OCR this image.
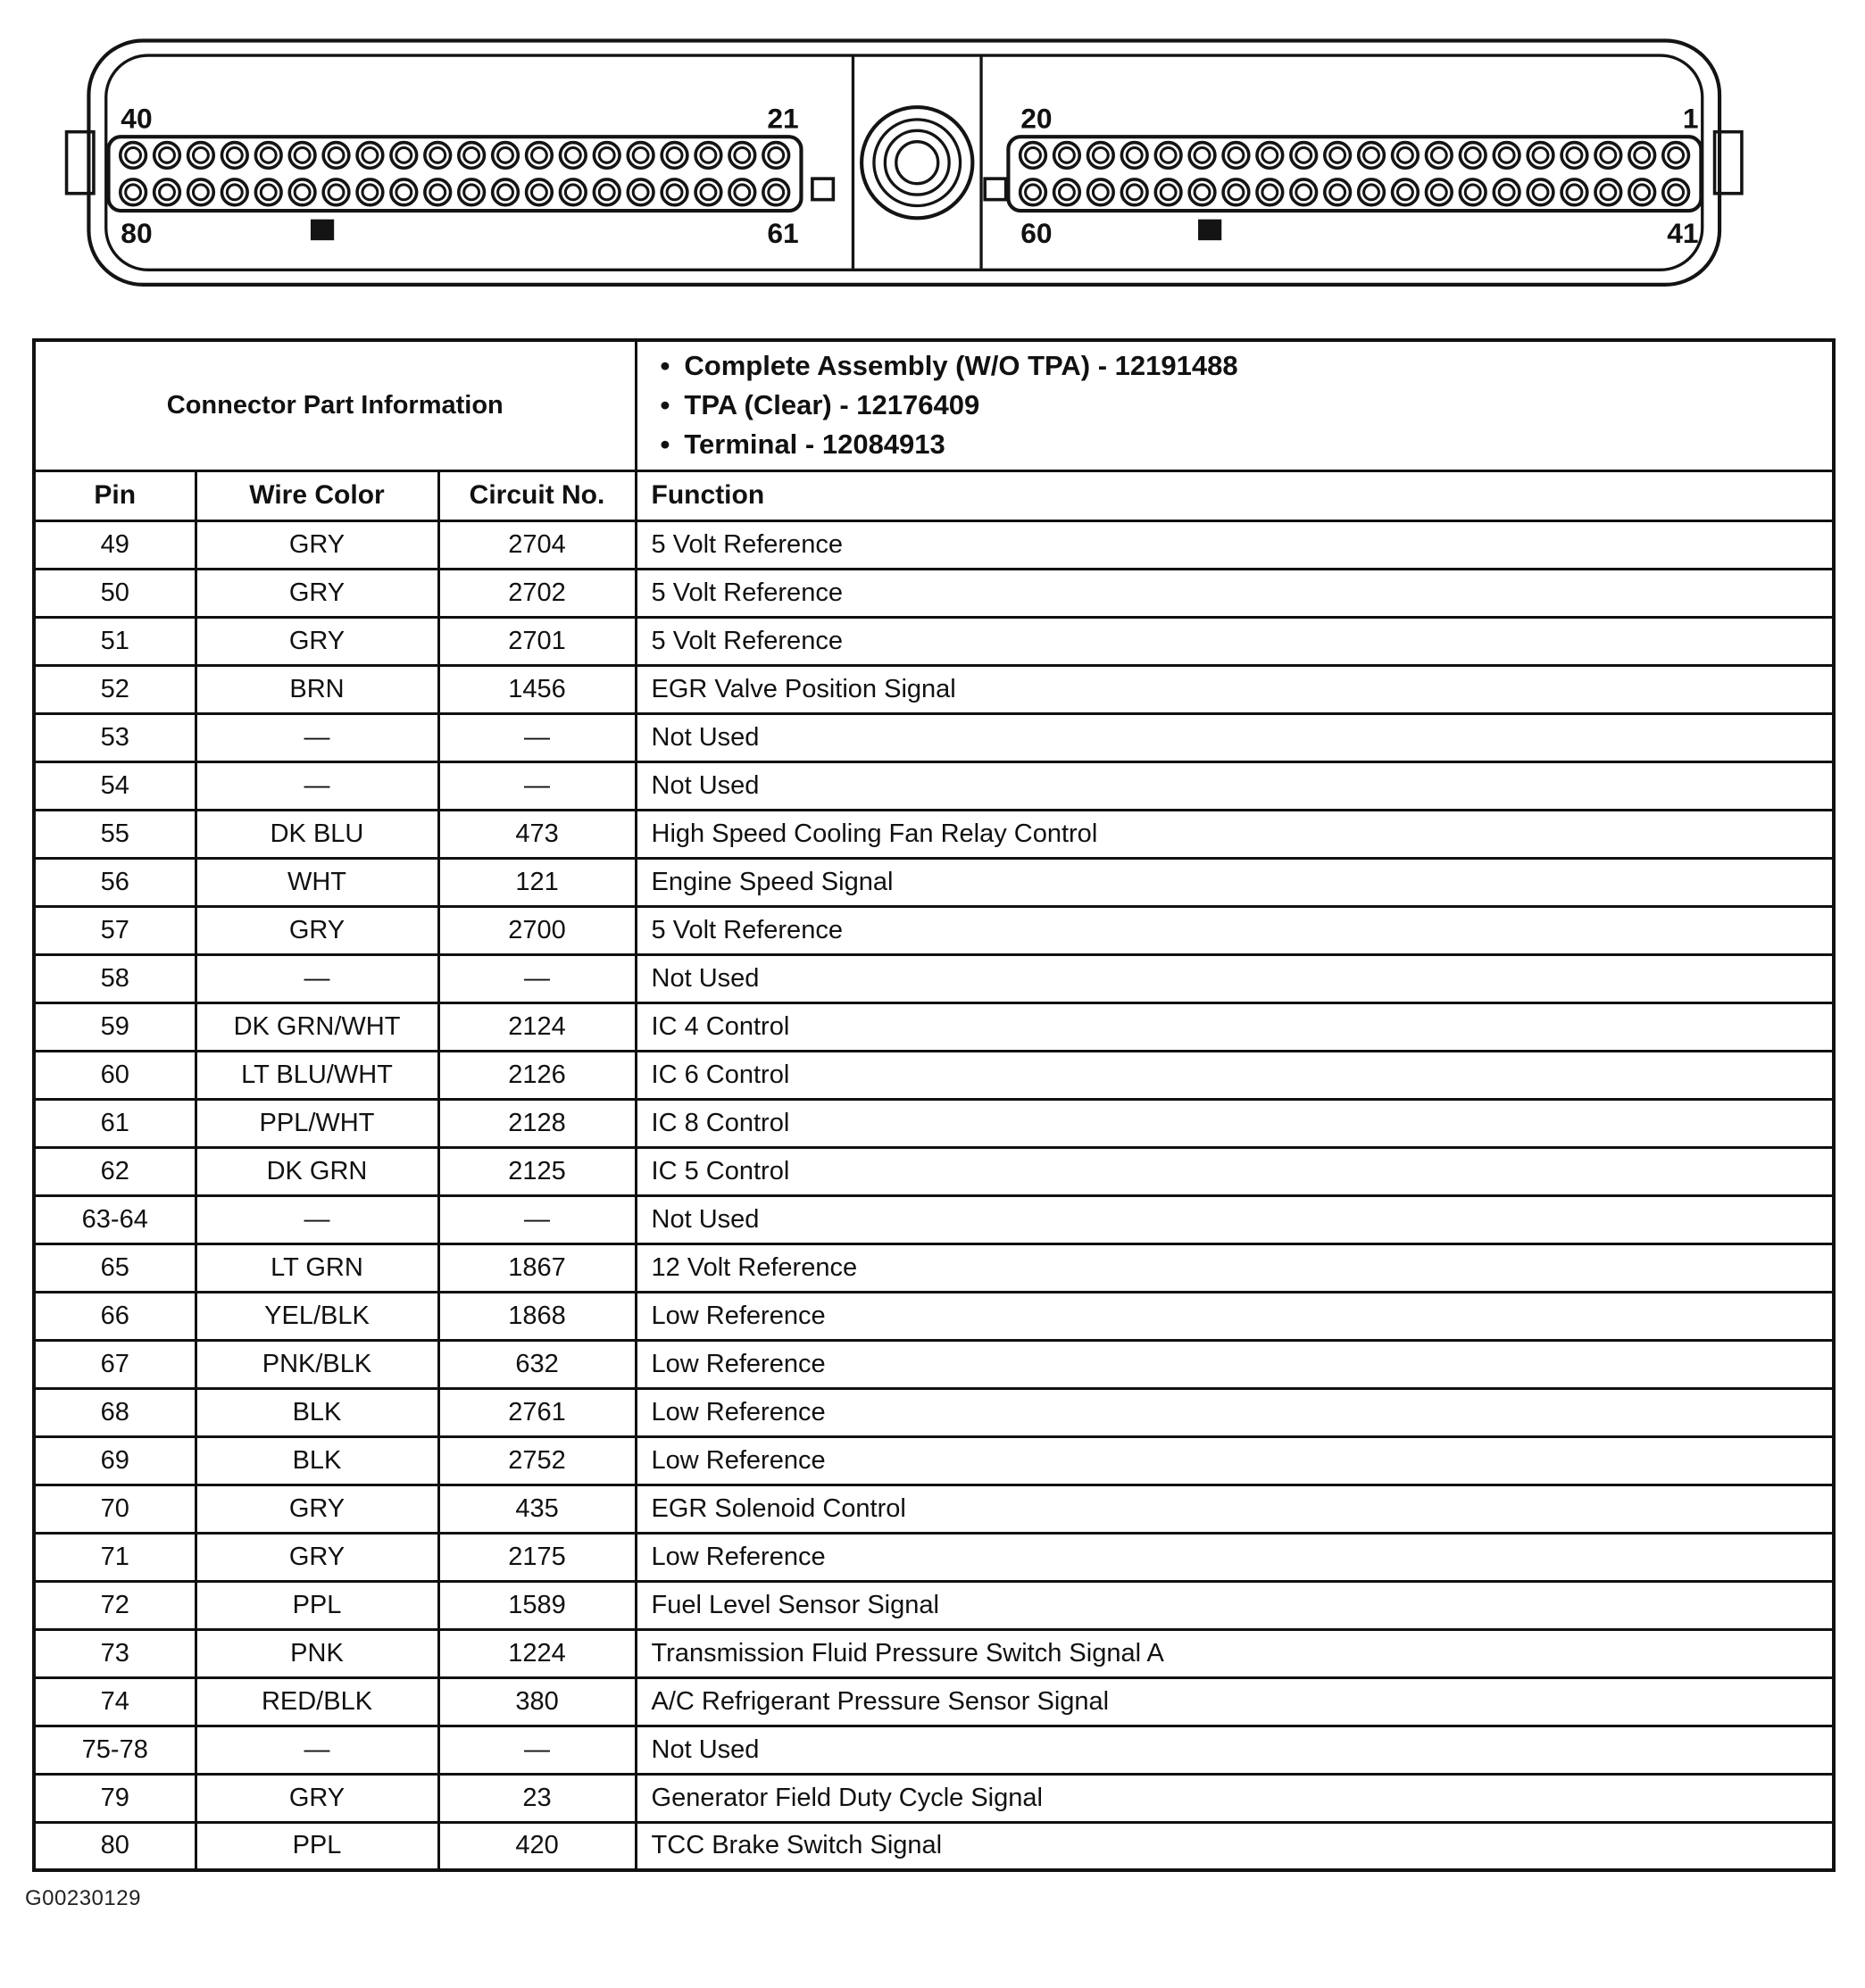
40	21	20	1
80	61	60	41
Connector Part Information	
• Complete Assembly (W/O TPA) - 12191488
• TPA (Clear) - 12176409
• Terminal - 12084913

Pin	Wire Color	Circuit No.	Function
49	GRY	2704	5 Volt Reference
50	GRY	2702	5 Volt Reference
51	GRY	2701	5 Volt Reference
52	BRN	1456	EGR Valve Position Signal
53	—	—	Not Used
54	—	—	Not Used
55	DK BLU	473	High Speed Cooling Fan Relay Control
56	WHT	121	Engine Speed Signal
57	GRY	2700	5 Volt Reference
58	—	—	Not Used
59	DK GRN/WHT	2124	IC 4 Control
60	LT BLU/WHT	2126	IC 6 Control
61	PPL/WHT	2128	IC 8 Control
62	DK GRN	2125	IC 5 Control
63-64	—	—	Not Used
65	LT GRN	1867	12 Volt Reference
66	YEL/BLK	1868	Low Reference
67	PNK/BLK	632	Low Reference
68	BLK	2761	Low Reference
69	BLK	2752	Low Reference
70	GRY	435	EGR Solenoid Control
71	GRY	2175	Low Reference
72	PPL	1589	Fuel Level Sensor Signal
73	PNK	1224	Transmission Fluid Pressure Switch Signal A
74	RED/BLK	380	A/C Refrigerant Pressure Sensor Signal
75-78	—	—	Not Used
79	GRY	23	Generator Field Duty Cycle Signal
80	PPL	420	TCC Brake Switch Signal
G00230129
